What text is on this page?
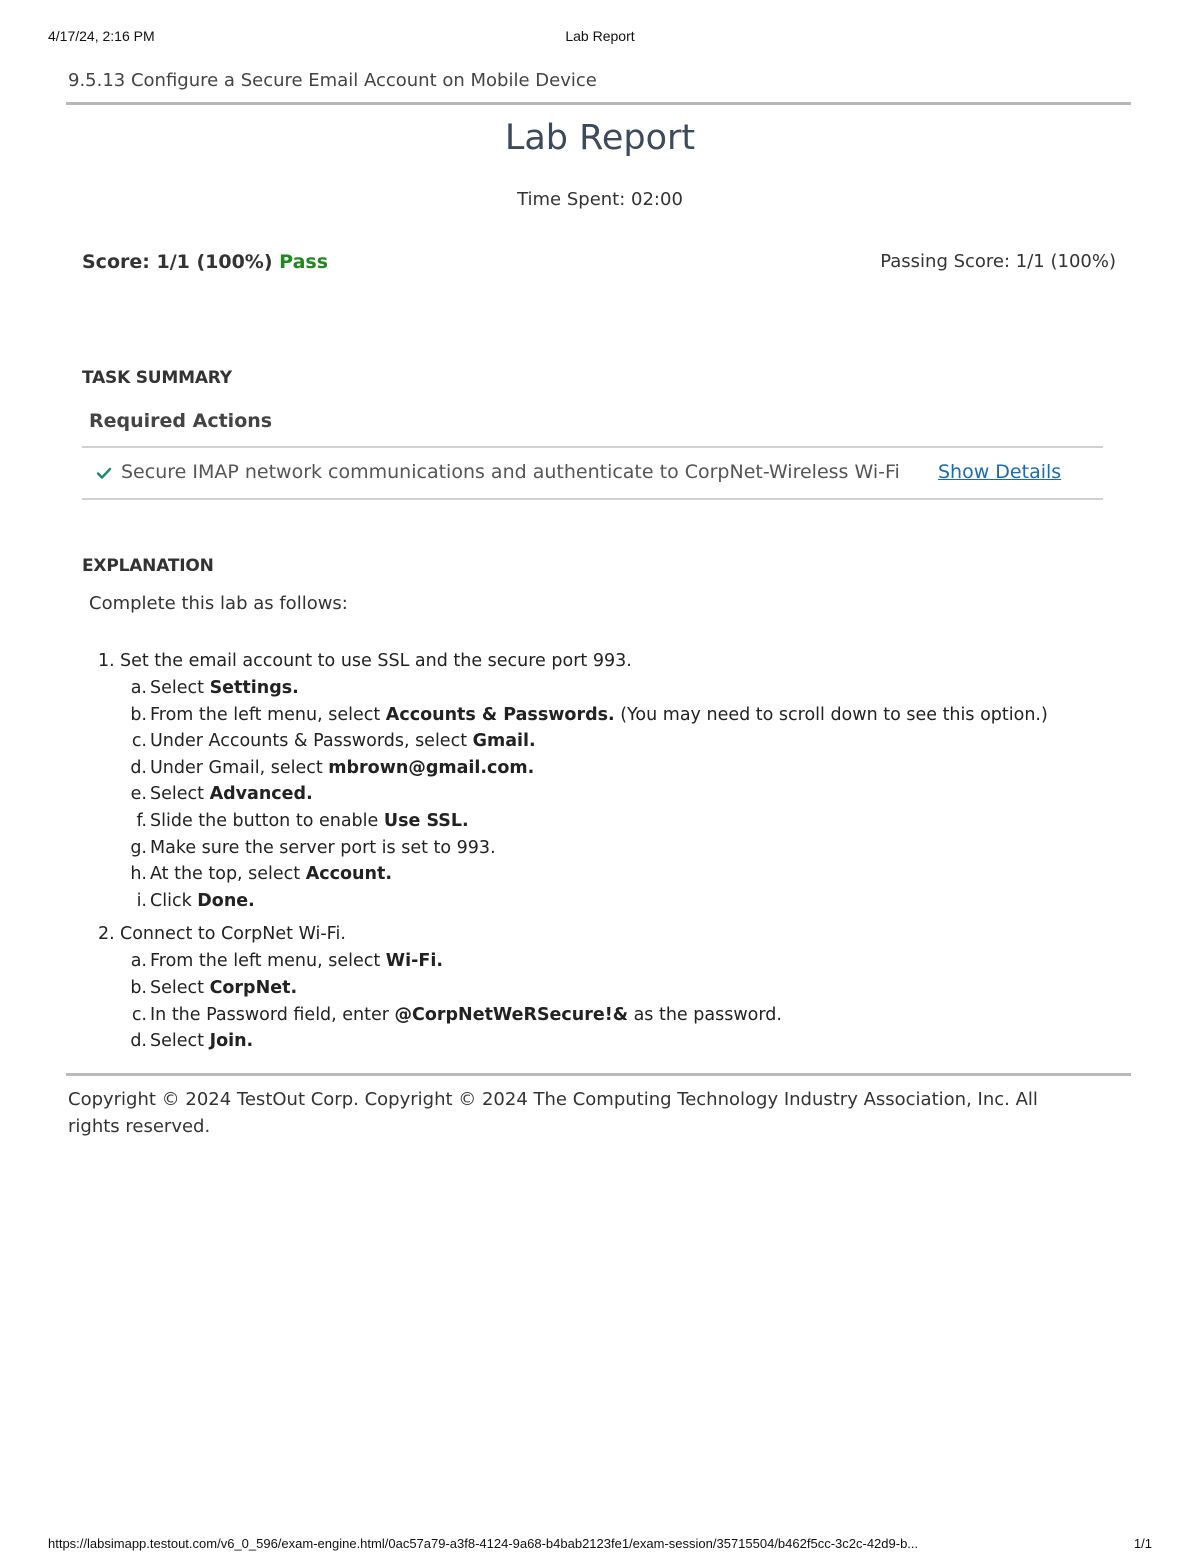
4/17/24, 2:16 PM	Lab Report
9.5.13 Configure a Secure Email Account on Mobile Device
Lab Report
Time Spent: 02:00
Score: 1/1 (100%) Pass	Passing Score: 1/1 (100%)
TASK SUMMARY
Required Actions
Secure IMAP network communications and authenticate to CorpNet-Wireless Wi-Fi Show Details
EXPLANATION
Complete this lab as follows:
1. Set the email account to use SSL and the secure port 993.
a. Select Settings.
b. From the left menu, select Accounts & Passwords. (You may need to scroll down to see this option.)
c. Under Accounts & Passwords, select Gmail.
d. Under Gmail, select mbrown@gmail.com.
e. Select Advanced.
f. Slide the button to enable Use SSL.
g. Make sure the server port is set to 993.
h. At the top, select Account.
i. Click Done.
2. Connect to CorpNet Wi-Fi.
a. From the left menu, select Wi-Fi.
b. Select CorpNet.
c. In the Password field, enter @CorpNetWeRSecure!& as the password.
d. Select Join.
Copyright © 2024 TestOut Corp. Copyright © 2024 The Computing Technology Industry Association, Inc. All rights reserved.
https://labsimapp.testout.com/v6_0_596/exam-engine.html/0ac57a79-a3f8-4124-9a68-b4bab2123fe1/exam-session/35715504/b462f5cc-3c2c-42d9-b...	1/1
